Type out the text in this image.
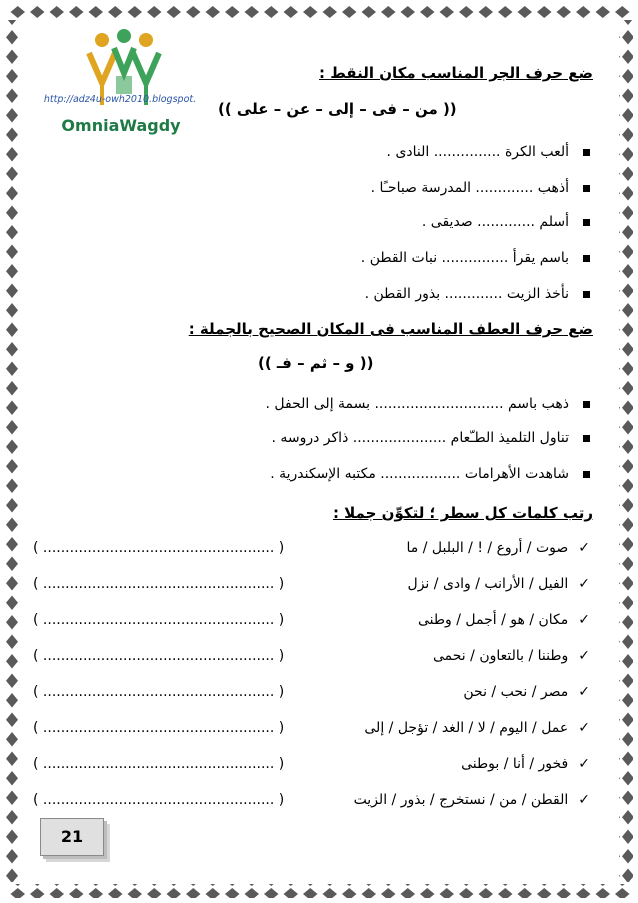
http://adz4u-owh2010.blogspot.
OmniaWagdy
ضع حرف الجر المناسب مكان النقط :
(( من – فى – إلى – عن – على ))
ألعب الكرة ............... النادى .
أذهب ............. المدرسة صباحـًا .
أسلم ............. صديقى .
باسم يقرأ ............... نبات القطن .
نأخذ الزيت ............. بذور القطن .
ضع حرف العطف المناسب فى المكان الصحيح بالجملة :
(( و – ثم – فـ ))
ذهب باسم ............................. بسمة إلى الحفل .
تناول التلميذ الطـّعام ..................... ذاكر دروسه .
شاهدت الأهرامات .................. مكتبه الإسكندرية .
رتب كلمات كل سطر ؛ لتكوِّن جملا :
✓صوت / أروع / ! / البلبل / ما
( .................................................... )
✓الفيل / الأرانب / وادى / نزل
( .................................................... )
✓مكان / هو / أجمل / وطنى
( .................................................... )
✓وطننا / بالتعاون / نحمى
( .................................................... )
✓مصر / نحب / نحن
( .................................................... )
✓عمل / اليوم / لا / الغد / تؤجل / إلى
( .................................................... )
✓فخور / أنا / بوطنى
( .................................................... )
✓القطن / من / نستخرج / بذور / الزيت
( .................................................... )
21
